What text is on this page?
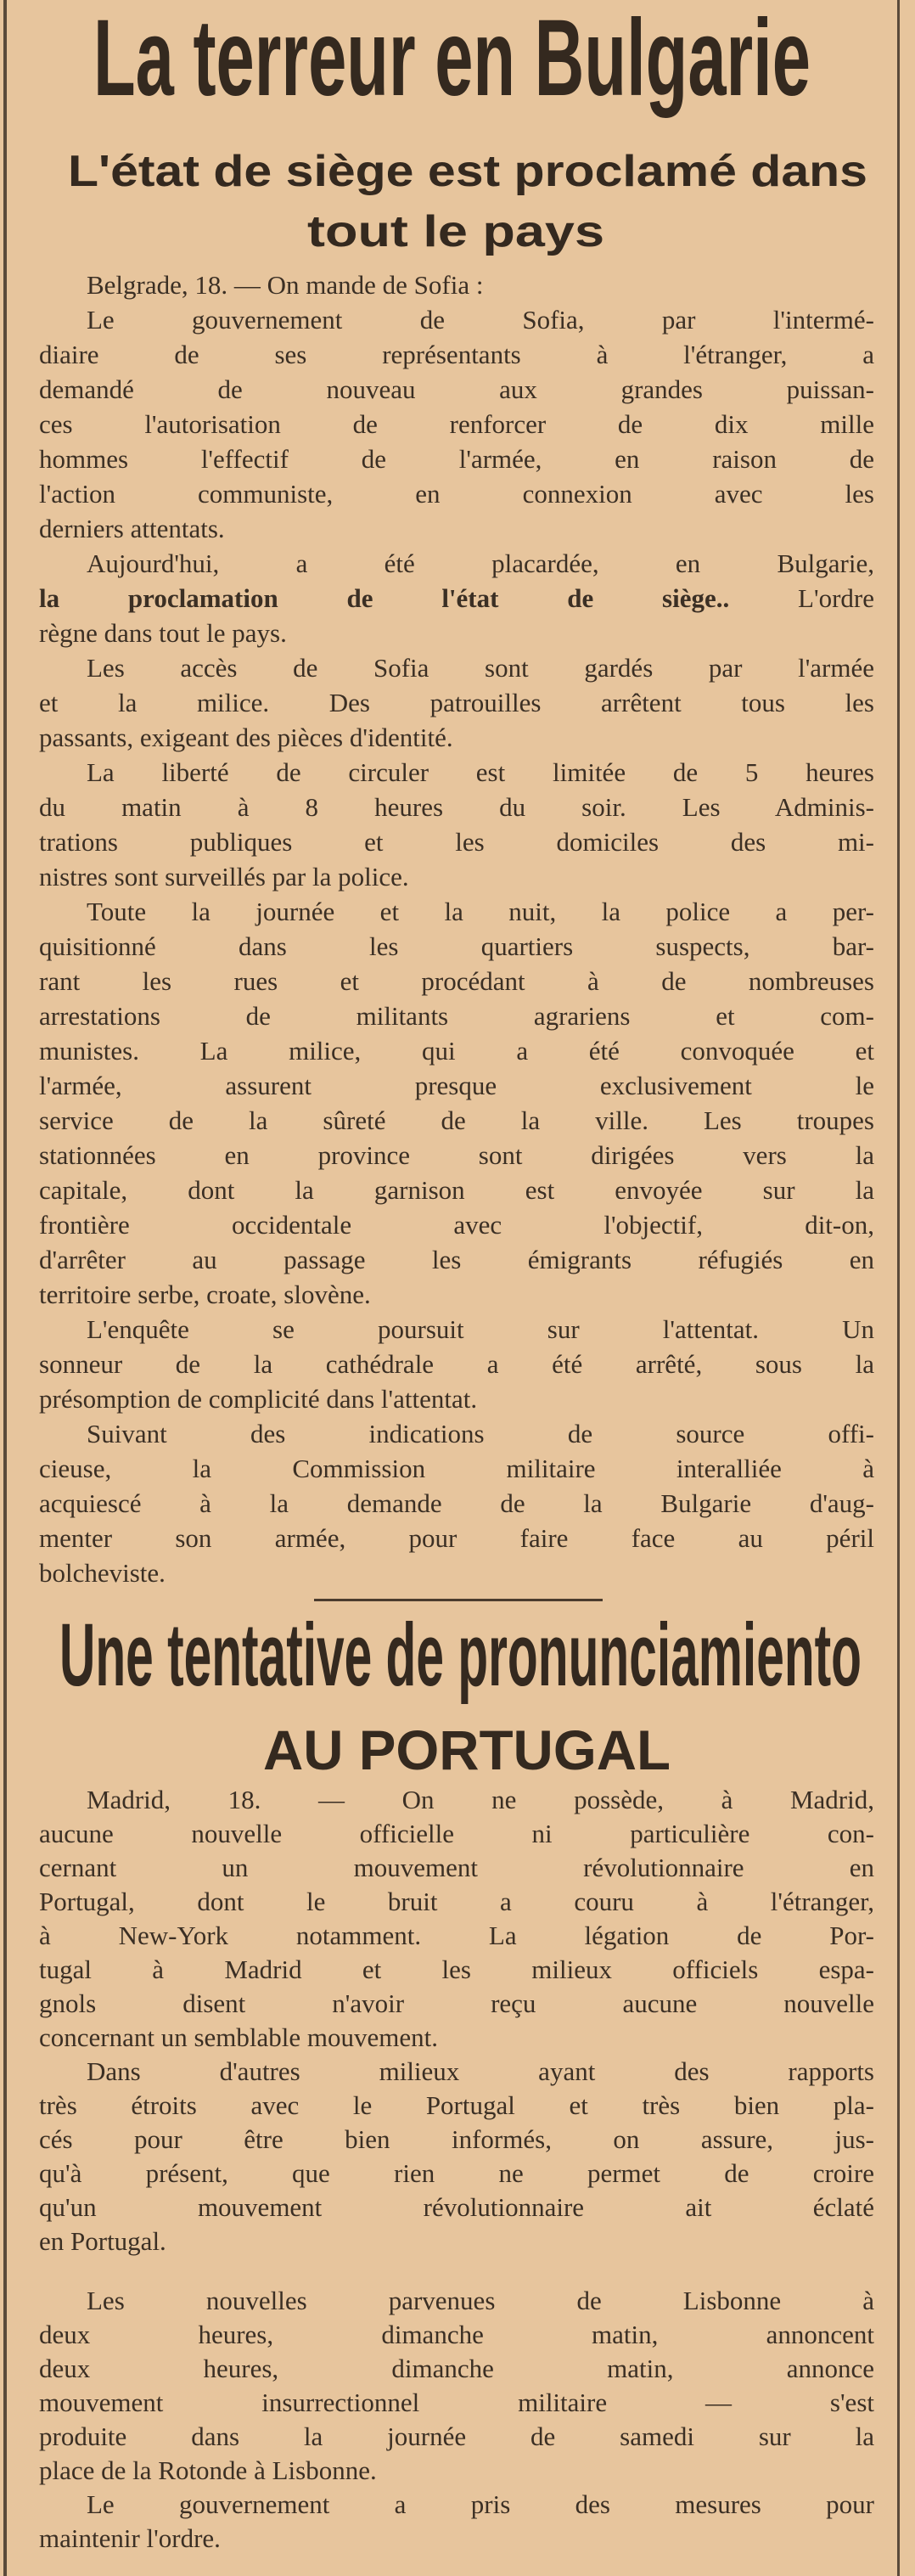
La terreur en Bulgarie
L'état de siège est proclamé dans
tout le pays
Belgrade, 18. — On mande de Sofia :
Le gouvernement de Sofia, par l'intermé-
diaire de ses représentants à l'étranger, a
demandé de nouveau aux grandes puissan-
ces l'autorisation de renforcer de dix mille
hommes l'effectif de l'armée, en raison de
l'action communiste, en connexion avec les
derniers attentats.
Aujourd'hui, a été placardée, en Bulgarie,
la proclamation de l'état de siège.. L'ordre
règne dans tout le pays.
Les accès de Sofia sont gardés par l'armée
et la milice. Des patrouilles arrêtent tous les
passants, exigeant des pièces d'identité.
La liberté de circuler est limitée de 5 heures
du matin à 8 heures du soir. Les Adminis-
trations publiques et les domiciles des mi-
nistres sont surveillés par la police.
Toute la journée et la nuit, la police a per-
quisitionné dans les quartiers suspects, bar-
rant les rues et procédant à de nombreuses
arrestations de militants agrariens et com-
munistes. La milice, qui a été convoquée et
l'armée, assurent presque exclusivement le
service de la sûreté de la ville. Les troupes
stationnées en province sont dirigées vers la
capitale, dont la garnison est envoyée sur la
frontière occidentale avec l'objectif, dit-on,
d'arrêter au passage les émigrants réfugiés en
territoire serbe, croate, slovène.
L'enquête se poursuit sur l'attentat. Un
sonneur de la cathédrale a été arrêté, sous la
présomption de complicité dans l'attentat.
Suivant des indications de source offi-
cieuse, la Commission militaire interalliée à
acquiescé à la demande de la Bulgarie d'aug-
menter son armée, pour faire face au péril
bolcheviste.
Une tentative de pronunciamiento
AU PORTUGAL
Madrid, 18. — On ne possède, à Madrid,
aucune nouvelle officielle ni particulière con-
cernant un mouvement révolutionnaire en
Portugal, dont le bruit a couru à l'étranger,
à New-York notamment. La légation de Por-
tugal à Madrid et les milieux officiels espa-
gnols disent n'avoir reçu aucune nouvelle
concernant un semblable mouvement.
Dans d'autres milieux ayant des rapports
très étroits avec le Portugal et très bien pla-
cés pour être bien informés, on assure, jus-
qu'à présent, que rien ne permet de croire
qu'un mouvement révolutionnaire ait éclaté
en Portugal.
Les nouvelles parvenues de Lisbonne à
deux heures, dimanche matin, annoncent
deux heures, dimanche matin, annonce
mouvement insurrectionnel militaire — s'est
produite dans la journée de samedi sur la
place de la Rotonde à Lisbonne.
Le gouvernement a pris des mesures pour
maintenir l'ordre.
